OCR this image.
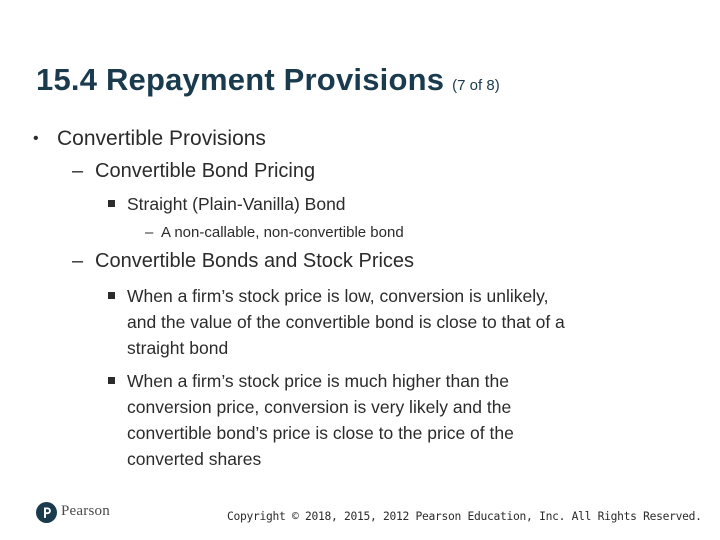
15.4 Repayment Provisions (7 of 8)
• Convertible Provisions
– Convertible Bond Pricing
Straight (Plain-Vanilla) Bond
– A non-callable, non-convertible bond
– Convertible Bonds and Stock Prices
When a firm’s stock price is low, conversion is unlikely,
and the value of the convertible bond is close to that of a
straight bond
When a firm’s stock price is much higher than the
conversion price, conversion is very likely and the
convertible bond’s price is close to the price of the
converted shares
Pearson	Copyright © 2018, 2015, 2012 Pearson Education, Inc. All Rights Reserved.
